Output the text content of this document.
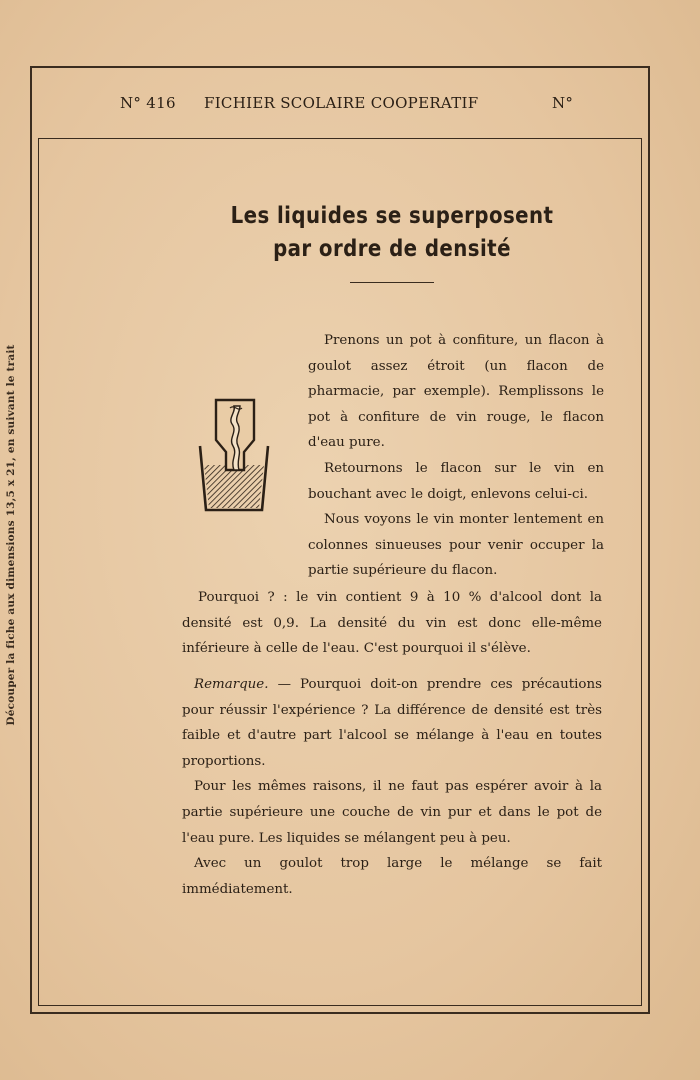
Découper la fiche aux dimensions 13,5 x 21, en suivant le trait
N° 416 FICHIER SCOLAIRE COOPERATIF	N°
Les liquides se superposent
par ordre de densité

Prenons un pot à confiture, un flacon à goulot assez étroit (un flacon de pharmacie, par exemple). Remplissons le pot à confiture de vin rouge, le flacon d'eau pure.

Retournons le flacon sur le vin en bouchant avec le doigt, enlevons celui-ci.

Nous voyons le vin monter lentement en colonnes sinueuses pour venir occuper la partie supérieure du flacon.

Pourquoi ? : le vin contient 9 à 10 % d'alcool dont la densité est 0,9. La densité du vin est donc elle-même inférieure à celle de l'eau. C'est pourquoi il s'élève.

Remarque. — Pourquoi doit-on prendre ces précautions pour réussir l'expérience ? La différence de densité est très faible et d'autre part l'alcool se mélange à l'eau en toutes proportions.

Pour les mêmes raisons, il ne faut pas espérer avoir à la partie supérieure une couche de vin pur et dans le pot de l'eau pure. Les liquides se mélangent peu à peu.

Avec un goulot trop large le mélange se fait immédiatement.
